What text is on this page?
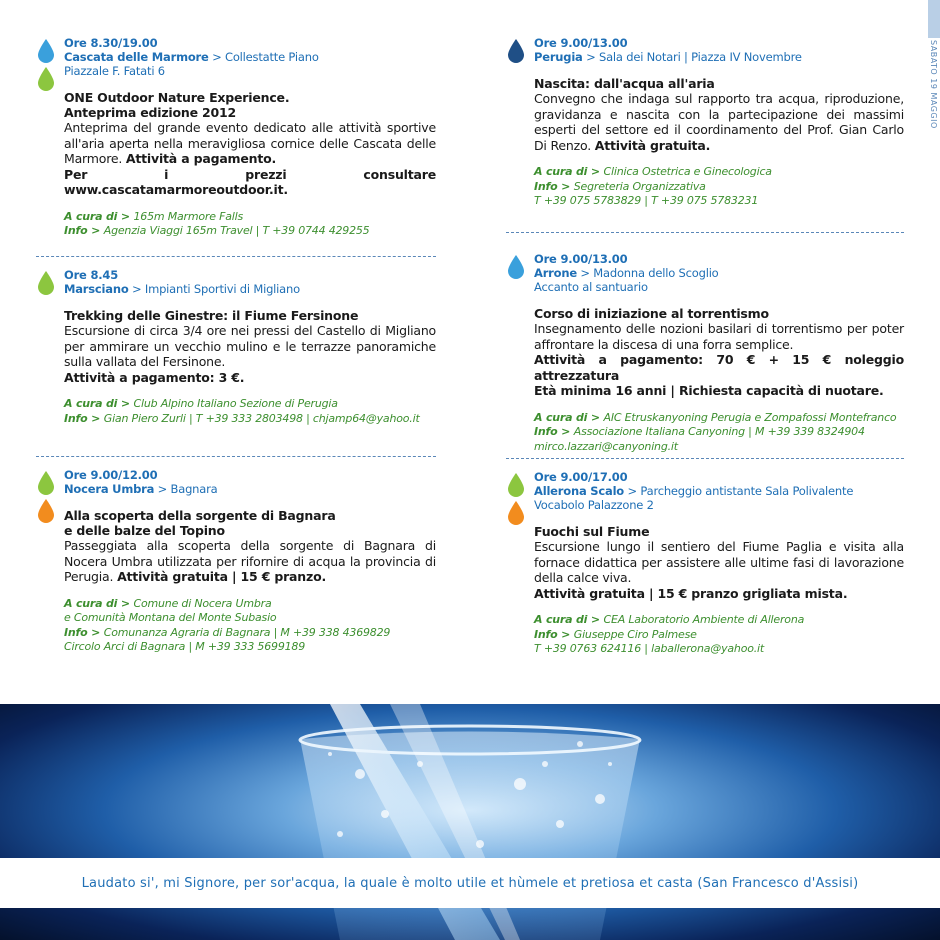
SABATO 19 MAGGIO
Ore 8.30/19.00
Cascata delle Marmore > Collestatte Piano
Piazzale F. Fatati 6
ONE Outdoor Nature Experience.
Anteprima edizione 2012
Anteprima del grande evento dedicato alle attività sportive all'aria aperta nella meravigliosa cornice delle Cascata delle Marmore. Attività a pagamento.
Per i prezzi consultare www.cascatamarmoreoutdoor.it.
A cura di > 165m Marmore Falls
Info > Agenzia Viaggi 165m Travel | T +39 0744 429255
Ore 8.45
Marsciano > Impianti Sportivi di Migliano
Trekking delle Ginestre: il Fiume Fersinone
Escursione di circa 3/4 ore nei pressi del Castello di Migliano per ammirare un vecchio mulino e le terrazze panoramiche sulla vallata del Fersinone.
Attività a pagamento: 3 €.
A cura di > Club Alpino Italiano Sezione di Perugia
Info > Gian Piero Zurli | T +39 333 2803498 | chjamp64@yahoo.it
Ore 9.00/12.00
Nocera Umbra > Bagnara
Alla scoperta della sorgente di Bagnara
e delle balze del Topino
Passeggiata alla scoperta della sorgente di Bagnara di Nocera Umbra utilizzata per rifornire di acqua la provincia di Perugia. Attività gratuita | 15 € pranzo.
A cura di > Comune di Nocera Umbra
e Comunità Montana del Monte Subasio
Info > Comunanza Agraria di Bagnara | M +39 338 4369829
Circolo Arci di Bagnara | M +39 333 5699189
Ore 9.00/13.00
Perugia > Sala dei Notari | Piazza IV Novembre
Nascita: dall'acqua all'aria
Convegno che indaga sul rapporto tra acqua, riproduzione, gravidanza e nascita con la partecipazione dei massimi esperti del settore ed il coordinamento del Prof. Gian Carlo Di Renzo. Attività gratuita.
A cura di > Clinica Ostetrica e Ginecologica
Info > Segreteria Organizzativa
T +39 075 5783829 | T +39 075 5783231
Ore 9.00/13.00
Arrone > Madonna dello Scoglio
Accanto al santuario
Corso di iniziazione al torrentismo
Insegnamento delle nozioni basilari di torrentismo per poter affrontare la discesa di una forra semplice.
Attività a pagamento: 70 € + 15 € noleggio attrezzatura
Età minima 16 anni | Richiesta capacità di nuotare.
A cura di > AIC Etruskanyoning Perugia e Zompafossi Montefranco
Info > Associazione Italiana Canyoning | M +39 339 8324904
mirco.lazzari@canyoning.it
Ore 9.00/17.00
Allerona Scalo > Parcheggio antistante Sala Polivalente
Vocabolo Palazzone 2
Fuochi sul Fiume
Escursione lungo il sentiero del Fiume Paglia e visita alla fornace didattica per assistere alle ultime fasi di lavorazione della calce viva.
Attività gratuita | 15 € pranzo grigliata mista.
A cura di > CEA Laboratorio Ambiente di Allerona
Info > Giuseppe Ciro Palmese
T +39 0763 624116 | laballerona@yahoo.it
Laudato si', mi Signore, per sor'acqua, la quale è molto utile et hùmele et pretiosa et casta (San Francesco d'Assisi)
